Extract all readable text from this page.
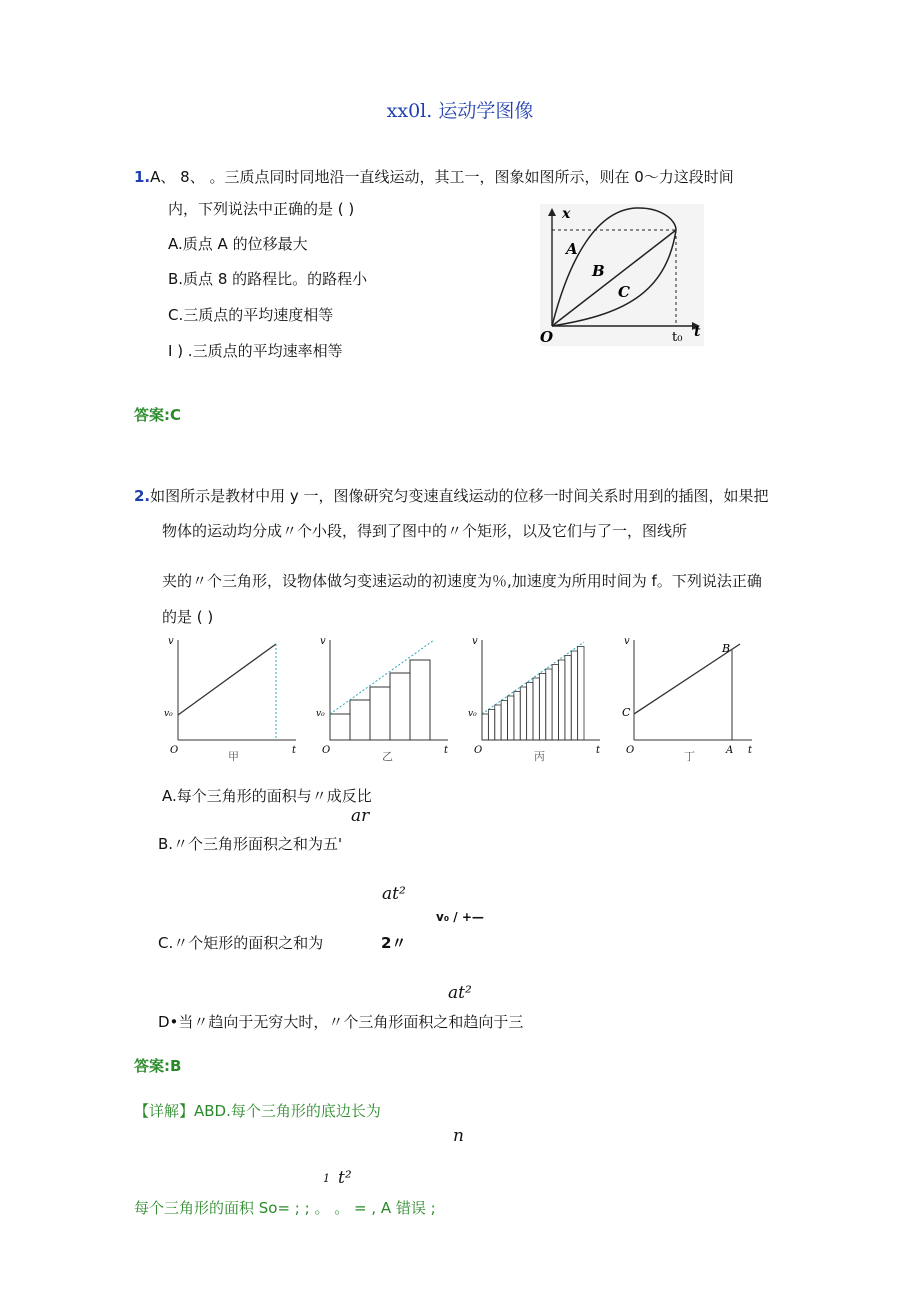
xx0l. 运动学图像
1.A、 8、 。三质点同时同地沿一直线运动，其工一，图象如图所示，则在 0〜力这段时间
内，下列说法中正确的是 ( )
A.质点 A 的位移最大
B.质点 8 的路程比。的路程小
C.三质点的平均速度相等
I ) .三质点的平均速率相等
x
O	t₀ t
A
B
C
答案:C
2.如图所示是教材中用 y 一，图像研究匀变速直线运动的位移一时间关系时用到的插图，如果把
物体的运动均分成〃个小段，得到了图中的〃个矩形，以及它们与了一，图线所
夹的〃个三角形，设物体做匀变速运动的初速度为％,加速度为所用时间为 f。下列说法正确
的是 ( )
v
v₀
O	t
甲
v
v₀
O	t
乙
v
v₀
O	t
丙
v
C
B
A
O	t
丁
A.每个三角形的面积与〃成反比
ar
B.〃个三角形面积之和为五'
at²
v₀ / +—
C.〃个矩形的面积之和为	2〃
at²
D•当〃趋向于无穷大时，〃个三角形面积之和趋向于三
答案:B
【详解】ABD.每个三角形的底边长为
n
1 t²
每个三角形的面积 So= ; ; 。 。 = , A 错误 ;
